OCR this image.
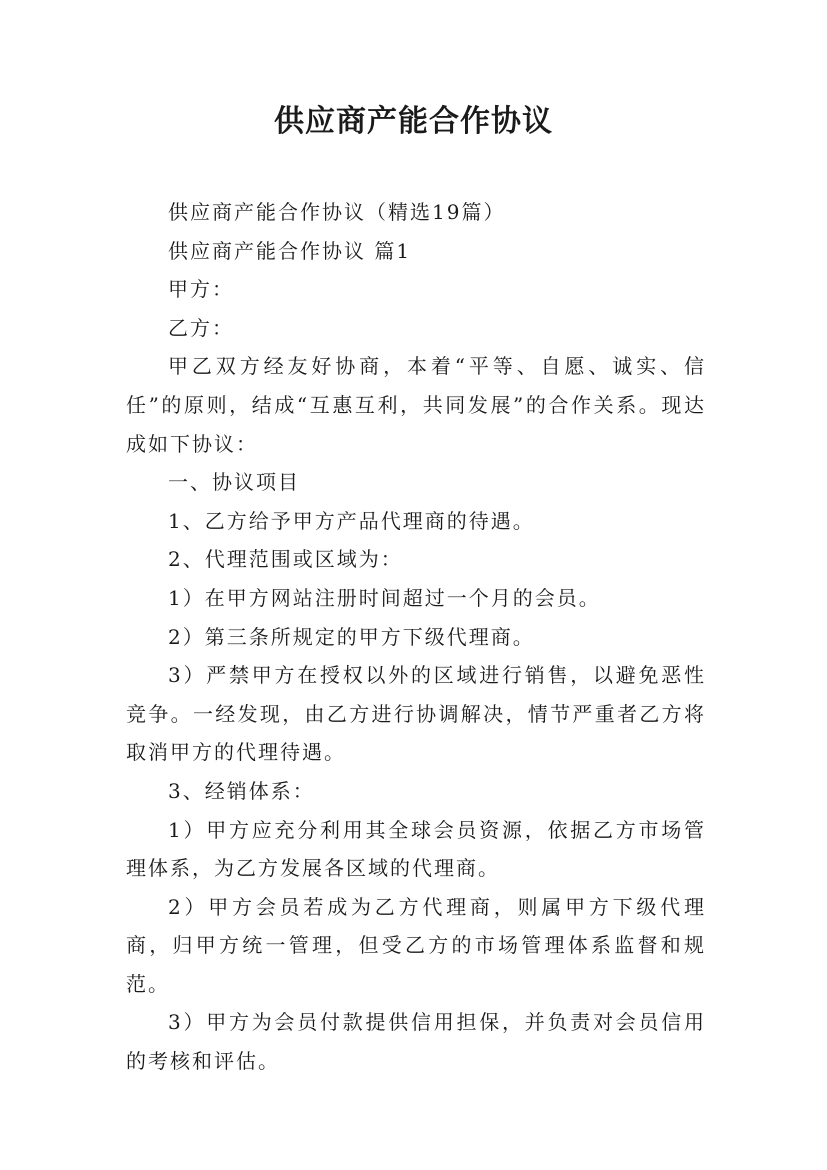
供应商产能合作协议

供应商产能合作协议（精选19篇）

供应商产能合作协议 篇1

甲方：

乙方：

甲乙双方经友好协商，本着“平等、自愿、诚实、信任”的原则，结成“互惠互利，共同发展”的合作关系。现达成如下协议：

一、协议项目

1、乙方给予甲方产品代理商的待遇。

2、代理范围或区域为：

1）在甲方网站注册时间超过一个月的会员。

2）第三条所规定的甲方下级代理商。

3）严禁甲方在授权以外的区域进行销售，以避免恶性竞争。一经发现，由乙方进行协调解决，情节严重者乙方将取消甲方的代理待遇。

3、经销体系：

1）甲方应充分利用其全球会员资源，依据乙方市场管理体系，为乙方发展各区域的代理商。

2）甲方会员若成为乙方代理商，则属甲方下级代理商，归甲方统一管理，但受乙方的市场管理体系监督和规范。

3）甲方为会员付款提供信用担保，并负责对会员信用的考核和评估。
